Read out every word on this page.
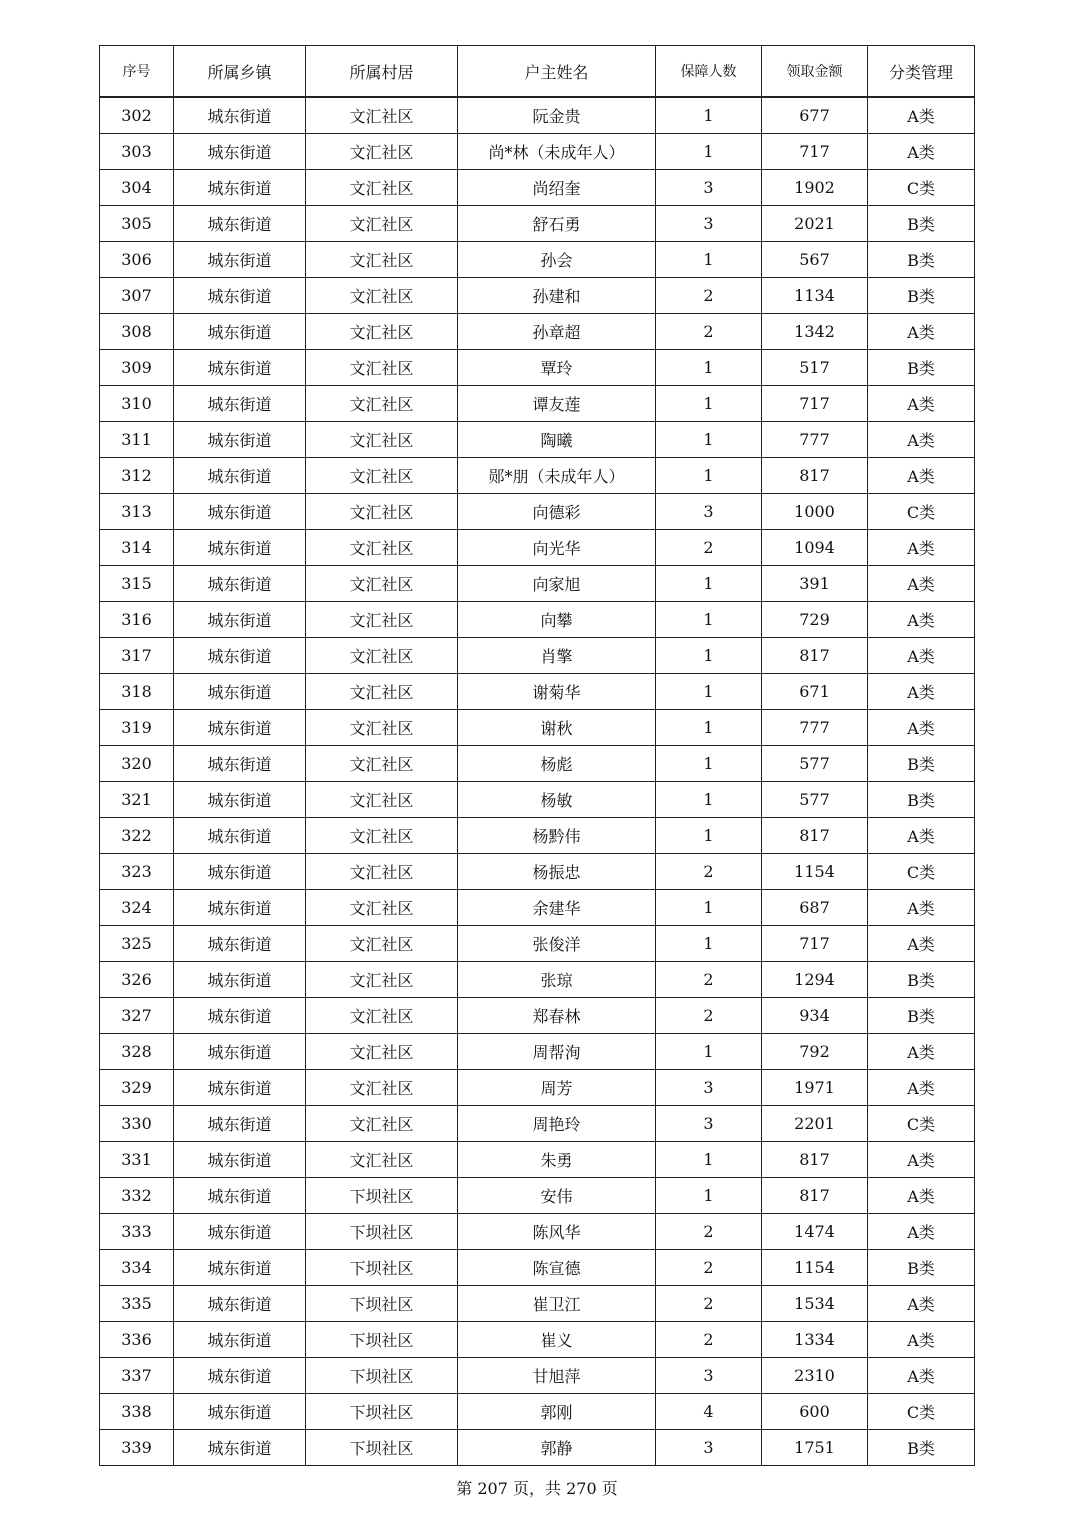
序号	所属乡镇	所属村居	户主姓名	保障人数	领取金额	分类管理
302	城东街道	文汇社区	阮金贵	1	677	A类
303	城东街道	文汇社区	尚*林（未成年人）	1	717	A类
304	城东街道	文汇社区	尚绍奎	3	1902	C类
305	城东街道	文汇社区	舒石勇	3	2021	B类
306	城东街道	文汇社区	孙会	1	567	B类
307	城东街道	文汇社区	孙建和	2	1134	B类
308	城东街道	文汇社区	孙章超	2	1342	A类
309	城东街道	文汇社区	覃玲	1	517	B类
310	城东街道	文汇社区	谭友莲	1	717	A类
311	城东街道	文汇社区	陶曦	1	777	A类
312	城东街道	文汇社区	郧*朋（未成年人）	1	817	A类
313	城东街道	文汇社区	向德彩	3	1000	C类
314	城东街道	文汇社区	向光华	2	1094	A类
315	城东街道	文汇社区	向家旭	1	391	A类
316	城东街道	文汇社区	向攀	1	729	A类
317	城东街道	文汇社区	肖擎	1	817	A类
318	城东街道	文汇社区	谢菊华	1	671	A类
319	城东街道	文汇社区	谢秋	1	777	A类
320	城东街道	文汇社区	杨彪	1	577	B类
321	城东街道	文汇社区	杨敏	1	577	B类
322	城东街道	文汇社区	杨黔伟	1	817	A类
323	城东街道	文汇社区	杨振忠	2	1154	C类
324	城东街道	文汇社区	余建华	1	687	A类
325	城东街道	文汇社区	张俊洋	1	717	A类
326	城东街道	文汇社区	张琼	2	1294	B类
327	城东街道	文汇社区	郑春林	2	934	B类
328	城东街道	文汇社区	周帮洵	1	792	A类
329	城东街道	文汇社区	周芳	3	1971	A类
330	城东街道	文汇社区	周艳玲	3	2201	C类
331	城东街道	文汇社区	朱勇	1	817	A类
332	城东街道	下坝社区	安伟	1	817	A类
333	城东街道	下坝社区	陈风华	2	1474	A类
334	城东街道	下坝社区	陈宣德	2	1154	B类
335	城东街道	下坝社区	崔卫江	2	1534	A类
336	城东街道	下坝社区	崔义	2	1334	A类
337	城东街道	下坝社区	甘旭萍	3	2310	A类
338	城东街道	下坝社区	郭刚	4	600	C类
339	城东街道	下坝社区	郭静	3	1751	B类
第 207 页，共 270 页
